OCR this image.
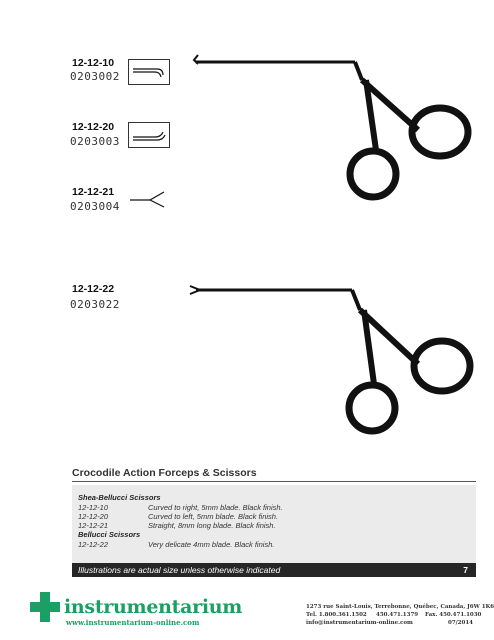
12-12-10
0203002
12-12-20
0203003
12-12-21
0203004
12-12-22
0203022
Crocodile Action Forceps & Scissors
Shea-Bellucci Scissors
12-12-10	Curved to right, 5mm blade. Black finish.
12-12-20	Curved to left, 5mm blade. Black finish.
12-12-21	Straight, 8mm long blade. Black finish.
Bellucci Scissors
12-12-22	Very delicate 4mm blade. Black finish.
Illustrations are actual size unless otherwise indicated	7
instrumentarium
www.instrumentarium-online.com
1273 rue Saint-Louis, Terrebonne, Québec, Canada, J6W 1K6
Tel. 1.800.361.1502 450.471.1379 Fax. 450.471.1030
info@instrumentarium-online.com	07/2014
